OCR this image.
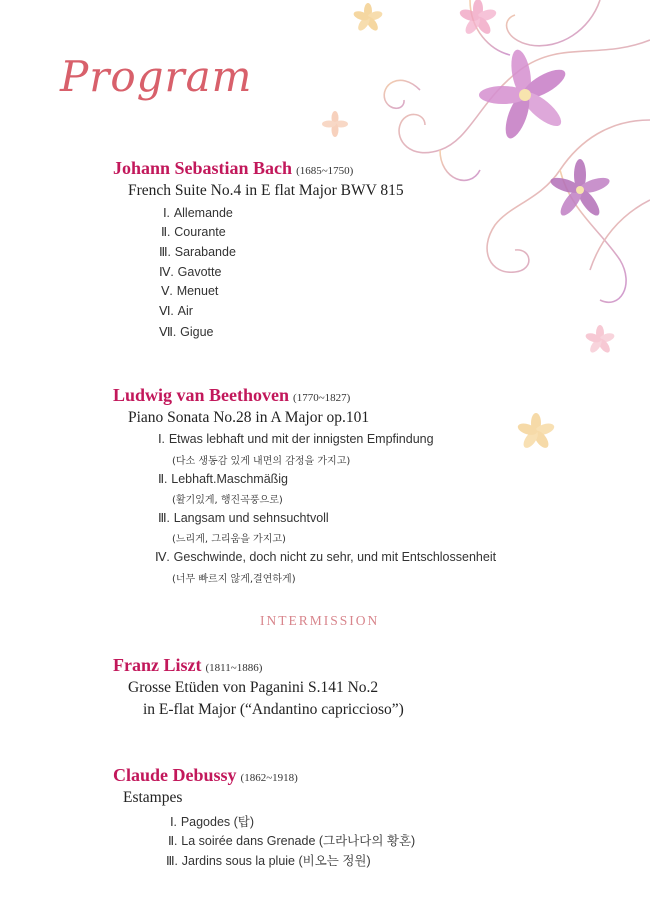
Program
Johann Sebastian Bach (1685~1750)
French Suite No.4 in E flat Major BWV 815
Ⅰ. Allemande
Ⅱ. Courante
Ⅲ. Sarabande
Ⅳ. Gavotte
Ⅴ. Menuet
Ⅵ. Air
Ⅶ. Gigue
Ludwig van Beethoven (1770~1827)
Piano Sonata No.28 in A Major op.101
Ⅰ. Etwas lebhaft und mit der innigsten Empfindung
(다소 생동감 있게 내면의 감정을 가지고)
Ⅱ. Lebhaft.Maschmäßig
(활기있게, 행진곡풍으로)
Ⅲ. Langsam und sehnsuchtvoll
(느리게, 그리움을 가지고)
Ⅳ. Geschwinde, doch nicht zu sehr, und mit Entschlossenheit
(너무 빠르지 않게,결연하게)
INTERMISSION
Franz Liszt (1811~1886)
Grosse Etüden von Paganini S.141 No.2
in E-flat Major (“Andantino capriccioso”)
Claude Debussy (1862~1918)
Estampes
Ⅰ. Pagodes (탑)
Ⅱ. La soirée dans Grenade (그라나다의 황혼)
Ⅲ. Jardins sous la pluie (비오는 정원)
